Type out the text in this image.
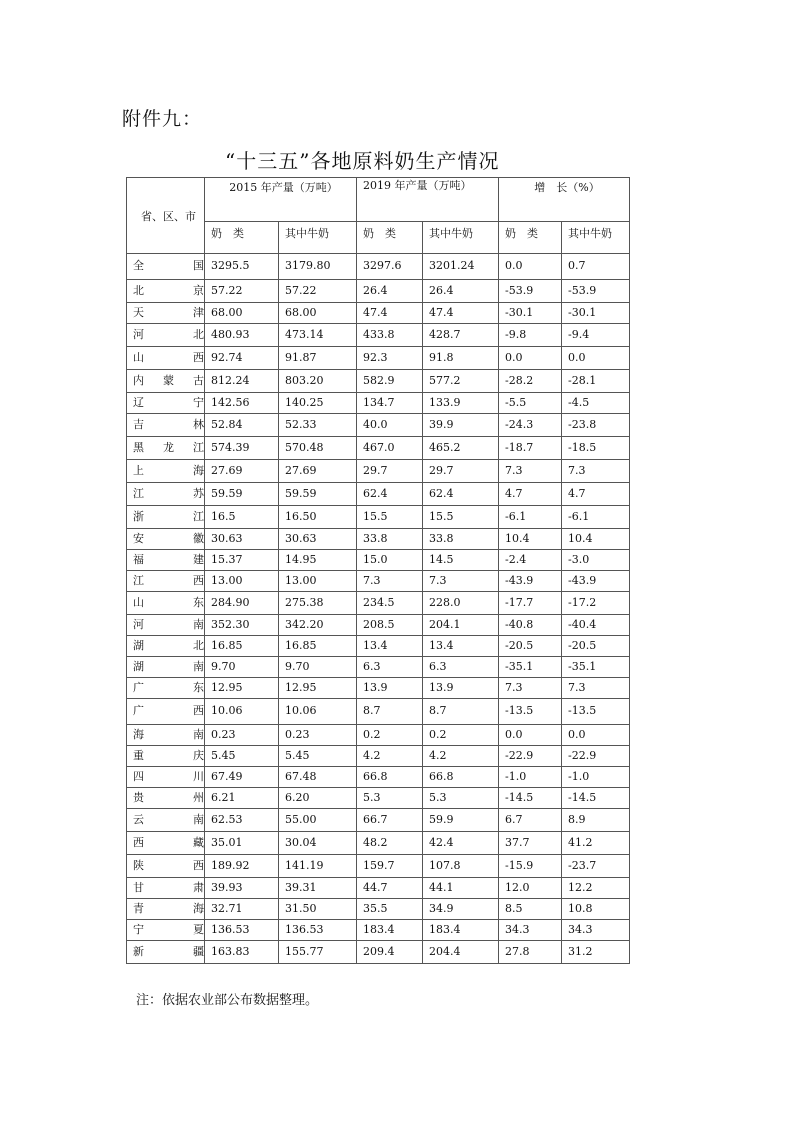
附件九：
“十三五”各地原料奶生产情况
省、区、市	2015 年产量（万吨）		2019 年产量（万吨）		增　长（%）	
	奶　类	其中牛奶	奶　类	其中牛奶	奶　类	其中牛奶
全国	3295.5	3179.80	3297.6	3201.24	0.0	0.7
北京	57.22	57.22	26.4	26.4	-53.9	-53.9
天津	68.00	68.00	47.4	47.4	-30.1	-30.1
河北	480.93	473.14	433.8	428.7	-9.8	-9.4
山西	92.74	91.87	92.3	91.8	0.0	0.0
内蒙古	812.24	803.20	582.9	577.2	-28.2	-28.1
辽宁	142.56	140.25	134.7	133.9	-5.5	-4.5
吉林	52.84	52.33	40.0	39.9	-24.3	-23.8
黑龙江	574.39	570.48	467.0	465.2	-18.7	-18.5
上海	27.69	27.69	29.7	29.7	7.3	7.3
江苏	59.59	59.59	62.4	62.4	4.7	4.7
浙江	16.5	16.50	15.5	15.5	-6.1	-6.1
安徽	30.63	30.63	33.8	33.8	10.4	10.4
福建	15.37	14.95	15.0	14.5	-2.4	-3.0
江西	13.00	13.00	7.3	7.3	-43.9	-43.9
山东	284.90	275.38	234.5	228.0	-17.7	-17.2
河南	352.30	342.20	208.5	204.1	-40.8	-40.4
湖北	16.85	16.85	13.4	13.4	-20.5	-20.5
湖南	9.70	9.70	6.3	6.3	-35.1	-35.1
广东	12.95	12.95	13.9	13.9	7.3	7.3
广西	10.06	10.06	8.7	8.7	-13.5	-13.5
海南	0.23	0.23	0.2	0.2	0.0	0.0
重庆	5.45	5.45	4.2	4.2	-22.9	-22.9
四川	67.49	67.48	66.8	66.8	-1.0	-1.0
贵州	6.21	6.20	5.3	5.3	-14.5	-14.5
云南	62.53	55.00	66.7	59.9	6.7	8.9
西藏	35.01	30.04	48.2	42.4	37.7	41.2
陕西	189.92	141.19	159.7	107.8	-15.9	-23.7
甘肃	39.93	39.31	44.7	44.1	12.0	12.2
青海	32.71	31.50	35.5	34.9	8.5	10.8
宁夏	136.53	136.53	183.4	183.4	34.3	34.3
新疆	163.83	155.77	209.4	204.4	27.8	31.2
注：依据农业部公布数据整理。
